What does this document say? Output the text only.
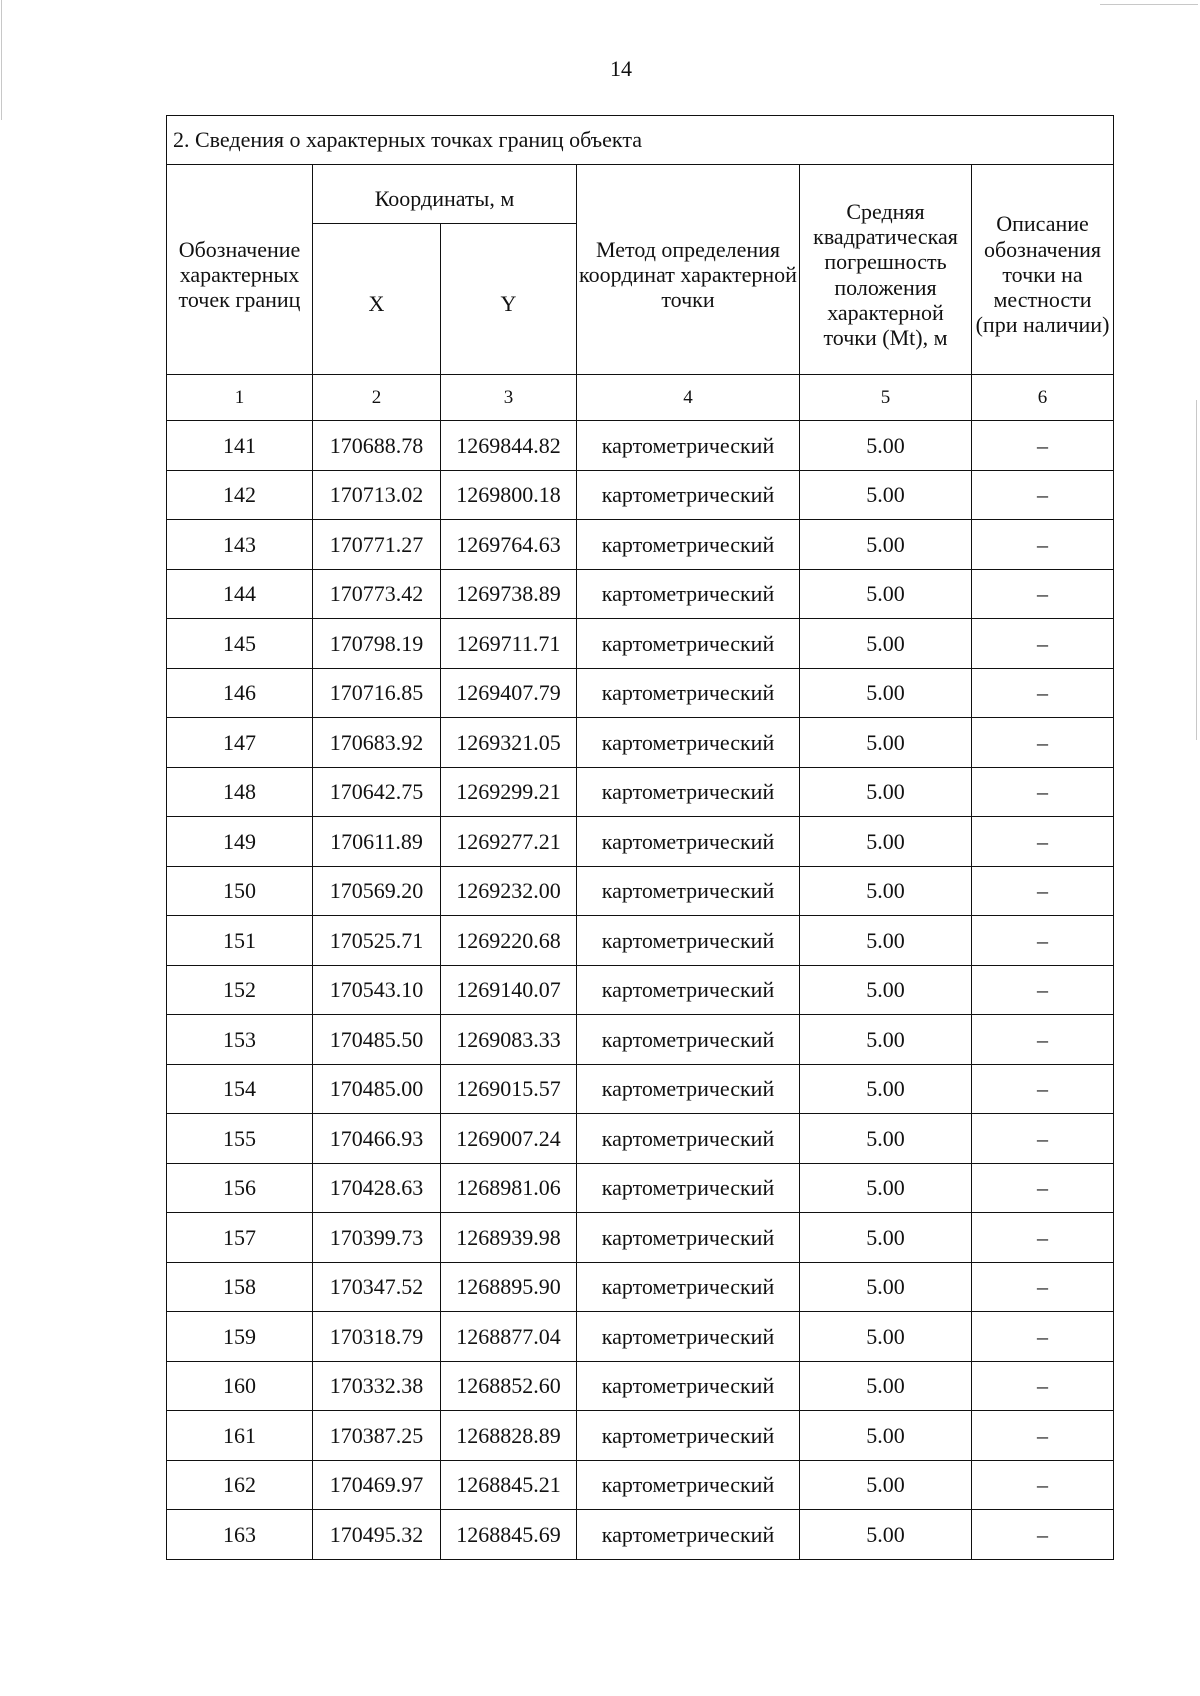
14
2. Сведения о характерных точках границ объекта					
Обозначение характерных точек границ	Координаты, м		Метод определения координат характерной точки	Средняя квадратическая погрешность положения характерной точки (Mt), м	Описание обозначения точки на местности (при наличии)
	X	Y			
1	2	3	4	5	6
141	170688.78	1269844.82	картометрический	5.00	–
142	170713.02	1269800.18	картометрический	5.00	–
143	170771.27	1269764.63	картометрический	5.00	–
144	170773.42	1269738.89	картометрический	5.00	–
145	170798.19	1269711.71	картометрический	5.00	–
146	170716.85	1269407.79	картометрический	5.00	–
147	170683.92	1269321.05	картометрический	5.00	–
148	170642.75	1269299.21	картометрический	5.00	–
149	170611.89	1269277.21	картометрический	5.00	–
150	170569.20	1269232.00	картометрический	5.00	–
151	170525.71	1269220.68	картометрический	5.00	–
152	170543.10	1269140.07	картометрический	5.00	–
153	170485.50	1269083.33	картометрический	5.00	–
154	170485.00	1269015.57	картометрический	5.00	–
155	170466.93	1269007.24	картометрический	5.00	–
156	170428.63	1268981.06	картометрический	5.00	–
157	170399.73	1268939.98	картометрический	5.00	–
158	170347.52	1268895.90	картометрический	5.00	–
159	170318.79	1268877.04	картометрический	5.00	–
160	170332.38	1268852.60	картометрический	5.00	–
161	170387.25	1268828.89	картометрический	5.00	–
162	170469.97	1268845.21	картометрический	5.00	–
163	170495.32	1268845.69	картометрический	5.00	–
